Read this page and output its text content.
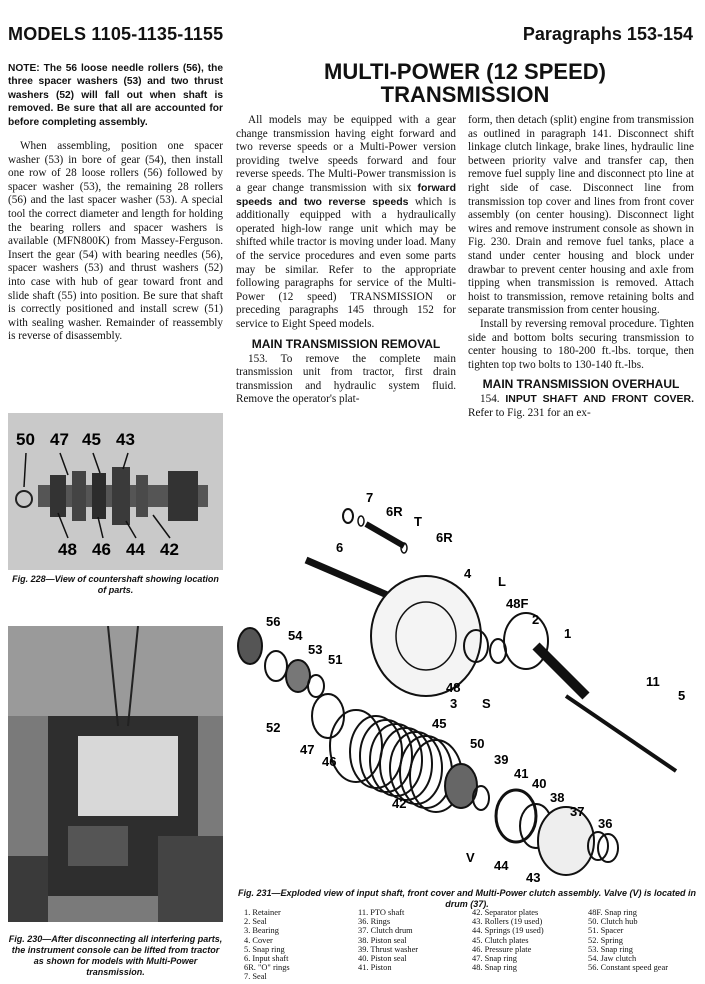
MODELS 1105-1135-1155	Paragraphs 153-154
NOTE: The 56 loose needle rollers (56), the three spacer washers (53) and two thrust washers (52) will fall out when shaft is removed. Be sure that all are accounted for before completing assembly.

When assembling, position one spacer washer (53) in bore of gear (54), then install one row of 28 loose rollers (56) followed by spacer washer (53), the remaining 28 rollers (56) and the last spacer washer (53). A special tool the correct diameter and length for holding the bearing rollers and spacer washers is available (MFN800K) from Massey-Ferguson. Insert the gear (54) with bearing needles (56), spacer washers (53) and thrust washers (52) into case with hub of gear toward front and slide shaft (55) into position. Be sure that shaft is correctly positioned and install screw (51) with sealing washer. Remainder of reassembly is reverse of disassembly.

50 47 45 43
48 46 44 42
Fig. 228—View of countershaft showing location of parts.
Fig. 230—After disconnecting all interfering parts, the instrument console can be lifted from tractor as shown for models with Multi-Power transmission.
MULTI-POWER (12 SPEED)
TRANSMISSION

All models may be equipped with a gear change transmission having eight forward and two reverse speeds or a Multi-Power version providing twelve speeds forward and four reverse speeds. The Multi-Power transmission is a gear change transmission with six forward speeds and two reverse speeds which is additionally equipped with a hydraulically operated high-low range unit which may be shifted while tractor is moving under load. Many of the service procedures and even some parts may be similar. Refer to the appropriate following paragraphs for service of the Multi-Power (12 speed) TRANSMISSION or preceding paragraphs 145 through 152 for service to Eight Speed models.

MAIN TRANSMISSION REMOVAL

153. To remove the complete main transmission unit from tractor, first drain transmission and hydraulic system fluid. Remove the operator's plat-

form, then detach (split) engine from transmission as outlined in paragraph 141. Disconnect shift linkage clutch linkage, brake lines, hydraulic line between priority valve and transfer cap, then remove fuel supply line and disconnect pto line at right side of case. Disconnect line from transmission top cover and lines from front cover assembly (on center housing). Disconnect light wires and remove instrument console as shown in Fig. 230. Drain and remove fuel tanks, place a stand under center housing and block under drawbar to prevent center housing and axle from tipping when transmission is removed. Attach hoist to transmission, remove retaining bolts and separate transmission from center housing.

Install by reversing removal procedure. Tighten side and bottom bolts securing transmission to center housing to 180-200 ft.-lbs. torque, then tighten top two bolts to 130-140 ft.-lbs.

MAIN TRANSMISSION OVERHAUL

154. INPUT SHAFT AND FRONT COVER. Refer to Fig. 231 for an ex-

7
6R
T
6R
6
4
L
48F
2
1
56
54
53
51
11
5
48
3 S
52
47
46
45
50
39
41
40
38
42
37
36
V
44
43
Fig. 231—Exploded view of input shaft, front cover and Multi-Power clutch assembly. Valve (V) is located in drum (37).
1. Retainer
2. Seal
3. Bearing
4. Cover
5. Snap ring
6. Input shaft
6R. "O" rings
7. Seal
11. PTO shaft
36. Rings
37. Clutch drum
38. Piston seal
39. Thrust washer
40. Piston seal
41. Piston
42. Separator plates
43. Rollers (19 used)
44. Springs (19 used)
45. Clutch plates
46. Pressure plate
47. Snap ring
48. Snap ring
48F. Snap ring
50. Clutch hub
51. Spacer
52. Spring
53. Snap ring
54. Jaw clutch
56. Constant speed gear
